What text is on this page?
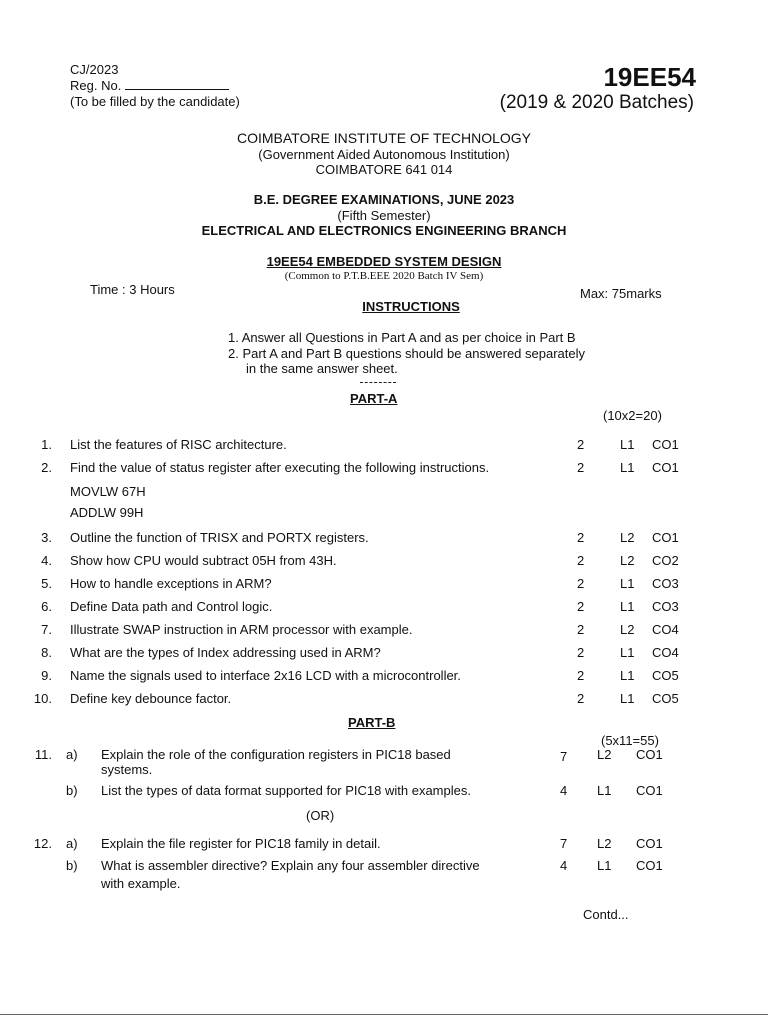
CJ/2023
Reg. No.
(To be filled by the candidate)
19EE54
(2019 & 2020 Batches)
COIMBATORE INSTITUTE OF TECHNOLOGY
(Government Aided Autonomous Institution)
COIMBATORE 641 014
B.E. DEGREE EXAMINATIONS, JUNE 2023
(Fifth Semester)
ELECTRICAL AND ELECTRONICS ENGINEERING BRANCH
19EE54 EMBEDDED SYSTEM DESIGN
(Common to P.T.B.EEE 2020 Batch IV Sem)
Time : 3 Hours	Max: 75marks
INSTRUCTIONS
1. Answer all Questions in Part A and as per choice in Part B
2. Part A and Part B questions should be answered separately
in the same answer sheet.
PART-A
(10x2=20)
1. List the features of RISC architecture.	2	L1 CO1
2. Find the value of status register after executing the following instructions.	2	L1 CO1
MOVLW 67H
ADDLW 99H
3. Outline the function of TRISX and PORTX registers.	2	L2 CO1
4. Show how CPU would subtract 05H from 43H.	2	L2 CO2
5. How to handle exceptions in ARM?	2	L1 CO3
6. Define Data path and Control logic.	2	L1 CO3
7. Illustrate SWAP instruction in ARM processor with example.	2	L2 CO4
8. What are the types of Index addressing used in ARM?	2	L1 CO4
9. Name the signals used to interface 2x16 LCD with a microcontroller.	2	L1 CO5
10. Define key debounce factor.	2	L1 CO5
PART-B
(5x11=55)
11. a) Explain the role of the configuration registers in PIC18 based	7 L2 CO1
systems.
b) List the types of data format supported for PIC18 with examples.	4 L1 CO1
(OR)
12. a) Explain the file register for PIC18 family in detail.	7 L2 CO1
b) What is assembler directive? Explain any four assembler directive	4 L1 CO1
with example.
Contd...
